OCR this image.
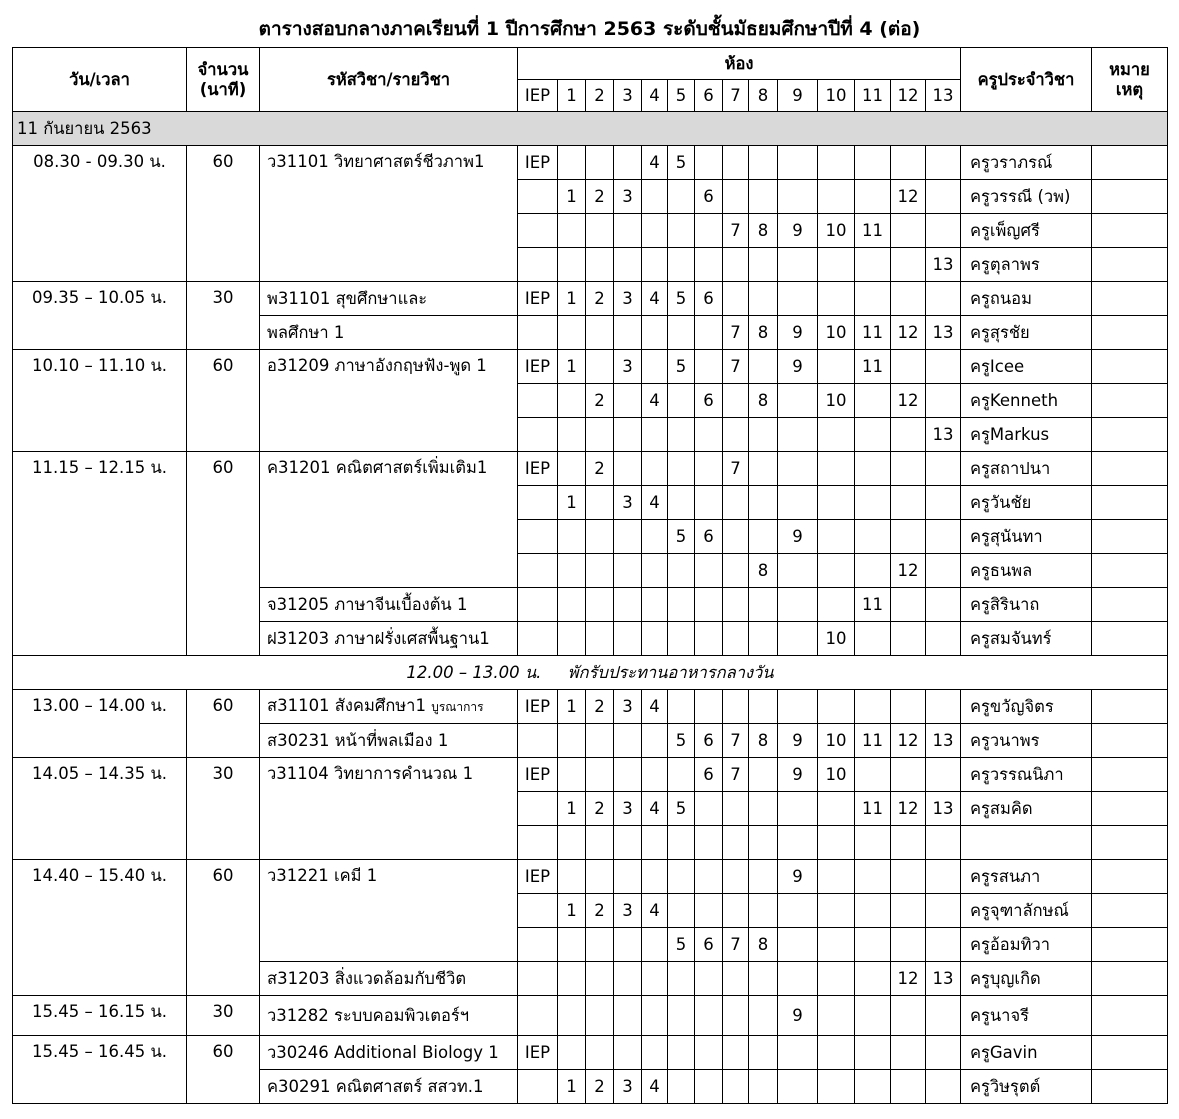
ตารางสอบกลางภาคเรียนที่ 1 ปีการศึกษา 2563 ระดับชั้นมัธยมศึกษาปีที่ 4 (ต่อ)
วัน/เวลา	จำนวน
(นาที)	รหัสวิชา/รายวิชา	ห้อง														ครูประจำวิชา	หมาย
เหตุ
			IEP	1	2	3	4	5	6	7	8	9	10	11	12	13		
11 กันยายน 2563																		
08.30 - 09.30 น.	60	ว31101 วิทยาศาสตร์ชีวภาพ1	IEP				4	5									ครูวราภรณ์	
				1	2	3			6						12		ครูวรรณี (วพ)	
										7	8	9	10	11			ครูเพ็ญศรี	
																13	ครูตุลาพร	
09.35 – 10.05 น.	30	พ31101 สุขศึกษาและ	IEP	1	2	3	4	5	6								ครูถนอม	
		พลศึกษา 1								7	8	9	10	11	12	13	ครูสุรชัย	
10.10 – 11.10 น.	60	อ31209 ภาษาอังกฤษฟัง-พูด 1	IEP	1		3		5		7		9		11			ครูIcee	
					2		4		6		8		10		12		ครูKenneth	
																13	ครูMarkus	
11.15 – 12.15 น.	60	ค31201 คณิตศาสตร์เพิ่มเติม1	IEP		2					7							ครูสถาปนา	
				1		3	4										ครูวันชัย	
								5	6			9					ครูสุนันทา	
											8				12		ครูธนพล	
		จ31205 ภาษาจีนเบื้องต้น 1												11			ครูสิรินาถ	
		ฝ31203 ภาษาฝรั่งเศสพื้นฐาน1											10				ครูสมจันทร์	
12.00 – 13.00 น.     พักรับประทานอาหารกลางวัน																		
13.00 – 14.00 น.	60	ส31101 สังคมศึกษา1 บูรณาการ	IEP	1	2	3	4										ครูขวัญจิตร	
		ส30231 หน้าที่พลเมือง 1						5	6	7	8	9	10	11	12	13	ครูวนาพร	
14.05 – 14.35 น.	30	ว31104 วิทยาการคำนวณ 1	IEP						6	7		9	10				ครูวรรณนิภา	
				1	2	3	4	5						11	12	13	ครูสมคิด	

14.40 – 15.40 น.	60	ว31221 เคมี 1	IEP									9					ครูรสนภา	
				1	2	3	4										ครูจุฑาลักษณ์	
								5	6	7	8						ครูอ้อมทิวา	
		ส31203 สิ่งแวดล้อมกับชีวิต													12	13	ครูบุญเกิด	
15.45 – 16.15 น.	30	ว31282 ระบบคอมพิวเตอร์ฯ										9					ครูนาจรี	
15.45 – 16.45 น.	60	ว30246 Additional Biology 1	IEP														ครูGavin	
		ค30291 คณิตศาสตร์ สสวท.1		1	2	3	4										ครูวิษรุตต์	
